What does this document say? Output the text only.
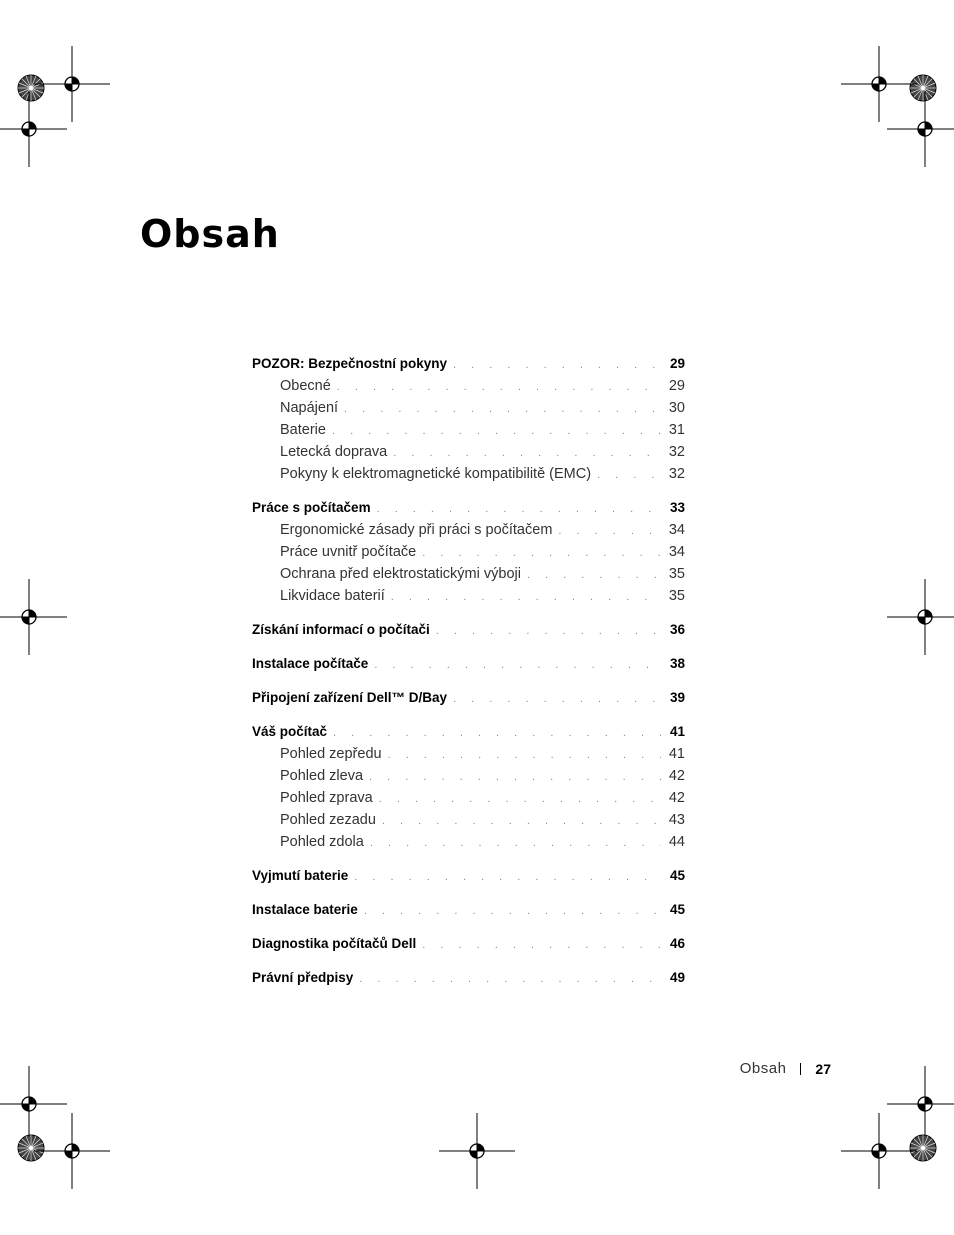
Obsah
POZOR: Bezpečnostní pokyny . . .	29
Obecné . . .	29
Napájení . . .	30
Baterie . . .	31
Letecká doprava . . .	32
Pokyny k elektromagnetické kompatibilitě (EMC) . . .	32
Práce s počítačem . . .	33
Ergonomické zásady při práci s počítačem . . .	34
Práce uvnitř počítače . . .	34
Ochrana před elektrostatickými výboji . . .	35
Likvidace baterií . . .	35
Získání informací o počítači . . .	36
Instalace počítače . . .	38
Připojení zařízení Dell™ D/Bay . . .	39
Váš počítač . . .	41
Pohled zepředu . . .	41
Pohled zleva . . .	42
Pohled zprava . . .	42
Pohled zezadu . . .	43
Pohled zdola . . .	44
Vyjmutí baterie . . .	45
Instalace baterie . . .	45
Diagnostika počítačů Dell . . .	46
Právní předpisy . . .	49
Obsah 27
